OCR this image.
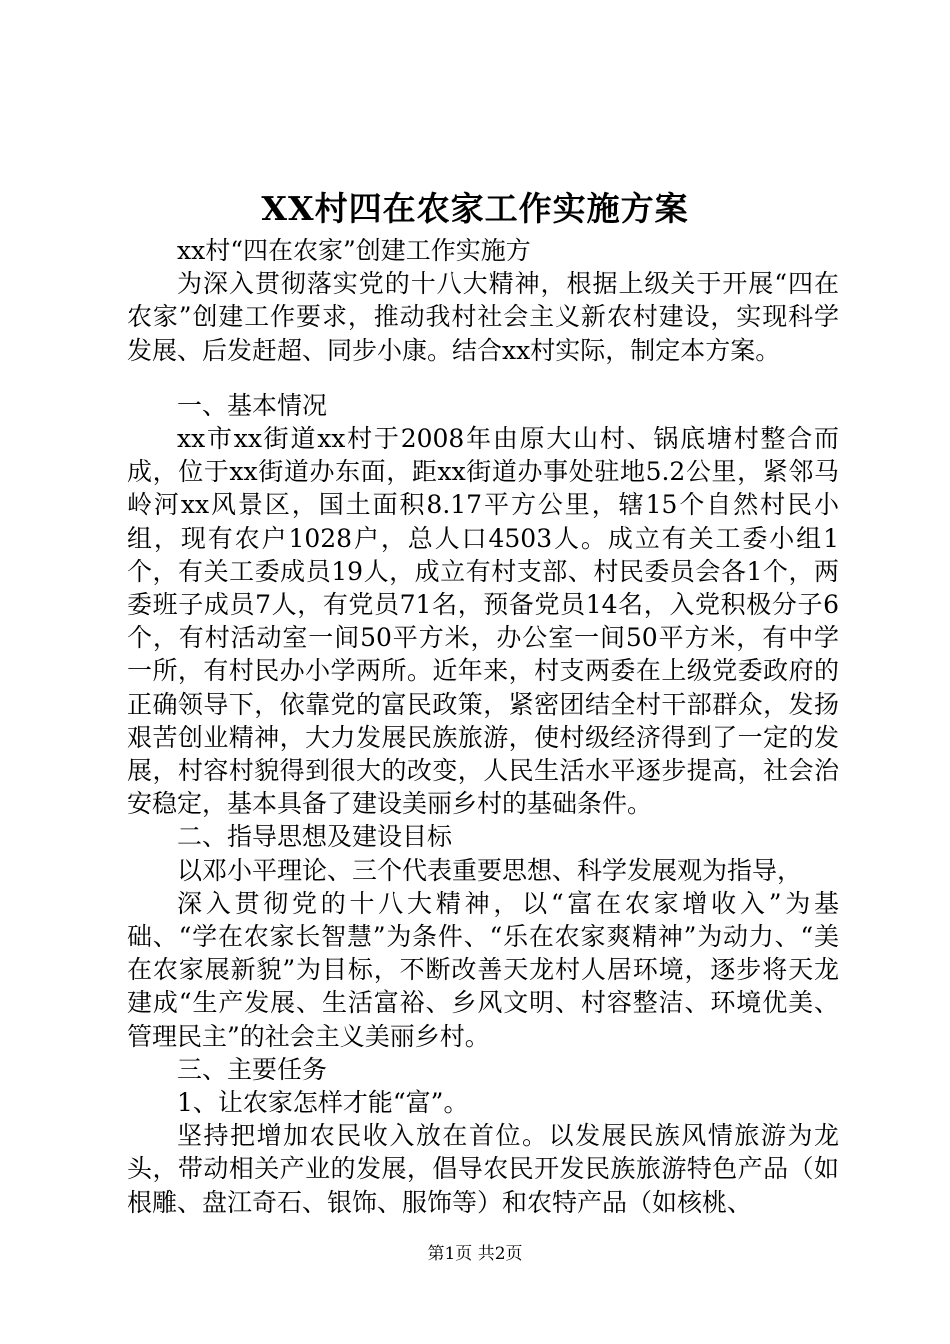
XX村四在农家工作实施方案

xx村“四在农家”创建工作实施方

为深入贯彻落实党的十八大精神，根据上级关于开展“四在农家”创建工作要求，推动我村社会主义新农村建设，实现科学发展、后发赶超、同步小康。结合xx村实际，制定本方案。

一、基本情况

xx市xx街道xx村于2008年由原大山村、锅底塘村整合而成，位于xx街道办东面，距xx街道办事处驻地5.2公里，紧邻马岭河xx风景区，国土面积8.17平方公里，辖15个自然村民小组，现有农户1028户，总人口4503人。成立有关工委小组1个，有关工委成员19人，成立有村支部、村民委员会各1个，两委班子成员7人，有党员71名，预备党员14名，入党积极分子6个，有村活动室一间50平方米，办公室一间50平方米，有中学一所，有村民办小学两所。近年来，村支两委在上级党委政府的正确领导下，依靠党的富民政策，紧密团结全村干部群众，发扬艰苦创业精神，大力发展民族旅游，使村级经济得到了一定的发展，村容村貌得到很大的改变，人民生活水平逐步提高，社会治安稳定，基本具备了建设美丽乡村的基础条件。

二、指导思想及建设目标

以邓小平理论、三个代表重要思想、科学发展观为指导，

深入贯彻党的十八大精神，以“富在农家增收入”为基础、“学在农家长智慧”为条件、“乐在农家爽精神”为动力、“美在农家展新貌”为目标，不断改善天龙村人居环境，逐步将天龙建成“生产发展、生活富裕、乡风文明、村容整洁、环境优美、管理民主”的社会主义美丽乡村。

三、主要任务

1、让农家怎样才能“富”。

坚持把增加农民收入放在首位。以发展民族风情旅游为龙头，带动相关产业的发展，倡导农民开发民族旅游特色产品（如根雕、盘江奇石、银饰、服饰等）和农特产品（如核桃、

第1页 共2页
